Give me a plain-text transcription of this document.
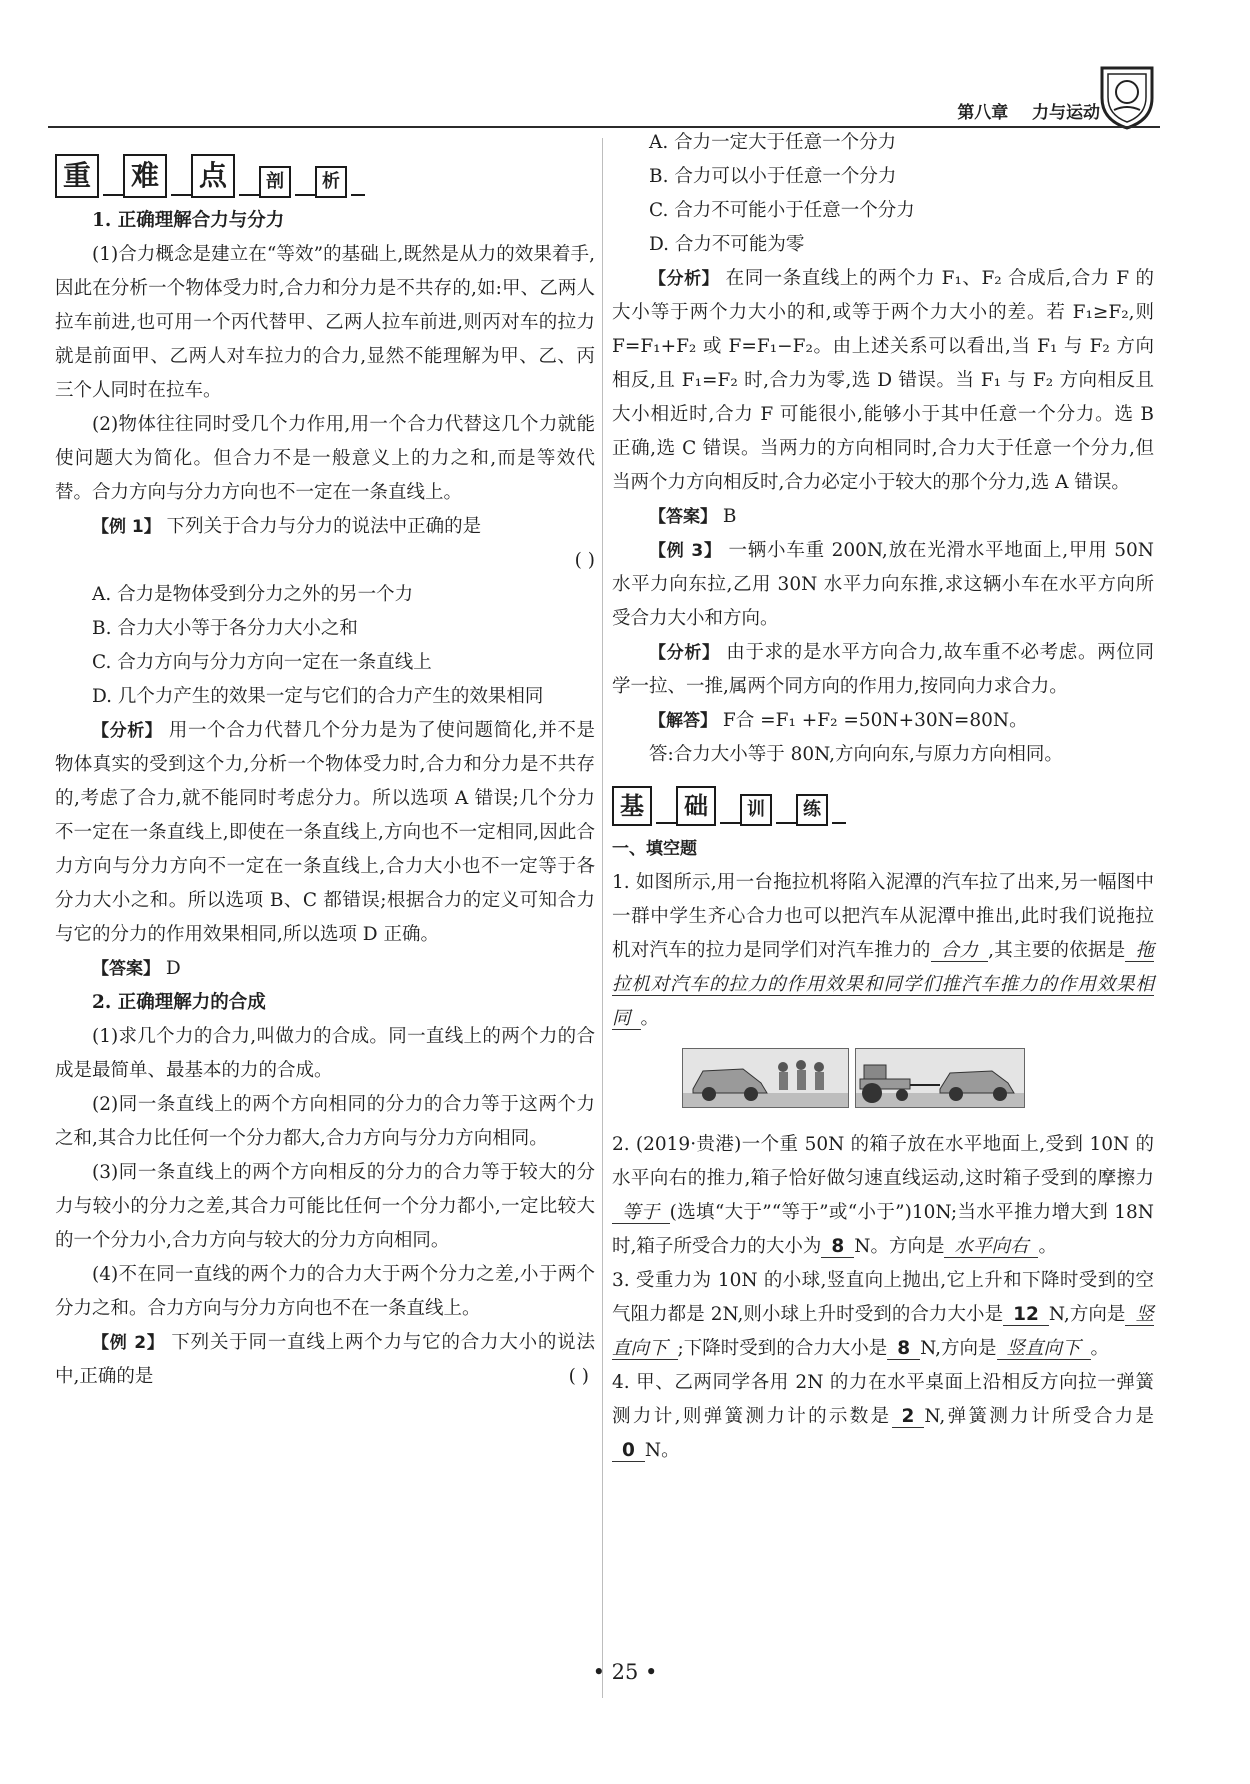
第八章 力与运动
重 难 点	剖	析

1. 正确理解合力与分力

(1)合力概念是建立在“等效”的基础上,既然是从力的效果着手,因此在分析一个物体受力时,合力和分力是不共存的,如:甲、乙两人拉车前进,也可用一个丙代替甲、乙两人拉车前进,则丙对车的拉力就是前面甲、乙两人对车拉力的合力,显然不能理解为甲、乙、丙三个人同时在拉车。

(2)物体往往同时受几个力作用,用一个合力代替这几个力就能使问题大为简化。但合力不是一般意义上的力之和,而是等效代替。合力方向与分力方向也不一定在一条直线上。

【例 1】 下列关于合力与分力的说法中正确的是

( )

A. 合力是物体受到分力之外的另一个力

B. 合力大小等于各分力大小之和

C. 合力方向与分力方向一定在一条直线上

D. 几个力产生的效果一定与它们的合力产生的效果相同

【分析】 用一个合力代替几个分力是为了使问题简化,并不是物体真实的受到这个力,分析一个物体受力时,合力和分力是不共存的,考虑了合力,就不能同时考虑分力。所以选项 A 错误;几个分力不一定在一条直线上,即使在一条直线上,方向也不一定相同,因此合力方向与分力方向不一定在一条直线上,合力大小也不一定等于各分力大小之和。所以选项 B、C 都错误;根据合力的定义可知合力与它的分力的作用效果相同,所以选项 D 正确。

【答案】 D

2. 正确理解力的合成

(1)求几个力的合力,叫做力的合成。同一直线上的两个力的合成是最简单、最基本的力的合成。

(2)同一条直线上的两个方向相同的分力的合力等于这两个力之和,其合力比任何一个分力都大,合力方向与分力方向相同。

(3)同一条直线上的两个方向相反的分力的合力等于较大的分力与较小的分力之差,其合力可能比任何一个分力都小,一定比较大的一个分力小,合力方向与较大的分力方向相同。

(4)不在同一直线的两个力的合力大于两个分力之差,小于两个分力之和。合力方向与分力方向也不在一条直线上。

【例 2】 下列关于同一直线上两个力与它的合力大小的说法中,正确的是	( )

A. 合力一定大于任意一个分力

B. 合力可以小于任意一个分力

C. 合力不可能小于任意一个分力

D. 合力不可能为零

【分析】 在同一条直线上的两个力 F₁、F₂ 合成后,合力 F 的大小等于两个力大小的和,或等于两个力大小的差。若 F₁≥F₂,则 F=F₁+F₂ 或 F=F₁−F₂。由上述关系可以看出,当 F₁ 与 F₂ 方向相反,且 F₁=F₂ 时,合力为零,选 D 错误。当 F₁ 与 F₂ 方向相反且大小相近时,合力 F 可能很小,能够小于其中任意一个分力。选 B 正确,选 C 错误。当两力的方向相同时,合力大于任意一个分力,但当两个力方向相反时,合力必定小于较大的那个分力,选 A 错误。

【答案】 B

【例 3】 一辆小车重 200N,放在光滑水平地面上,甲用 50N 水平力向东拉,乙用 30N 水平力向东推,求这辆小车在水平方向所受合力大小和方向。

【分析】 由于求的是水平方向合力,故车重不必考虑。两位同学一拉、一推,属两个同方向的作用力,按同向力求合力。

【解答】 F合 =F₁ +F₂ =50N+30N=80N。

答:合力大小等于 80N,方向向东,与原力方向相同。

基	础	训	练

一、填空题

1. 如图所示,用一台拖拉机将陷入泥潭的汽车拉了出来,另一幅图中一群中学生齐心合力也可以把汽车从泥潭中推出,此时我们说拖拉机对汽车的拉力是同学们对汽车推力的 合力 ,其主要的依据是 拖拉机对汽车的拉力的作用效果和同学们推汽车推力的作用效果相同 。

2. (2019·贵港)一个重 50N 的箱子放在水平地面上,受到 10N 的水平向右的推力,箱子恰好做匀速直线运动,这时箱子受到的摩擦力等于 (选填“大于”“等于”或“小于”)10N;当水平推力增大到 18N 时,箱子所受合力的大小为 8 N。方向是 水平向右 。

3. 受重力为 10N 的小球,竖直向上抛出,它上升和下降时受到的空气阻力都是 2N,则小球上升时受到的合力大小是 12 N,方向是 竖直向下 ;下降时受到的合力大小是 8 N,方向是 竖直向下 。

4. 甲、乙两同学各用 2N 的力在水平桌面上沿相反方向拉一弹簧测力计,则弹簧测力计的示数是 2 N,弹簧测力计所受合力是0 N。

• 25 •
